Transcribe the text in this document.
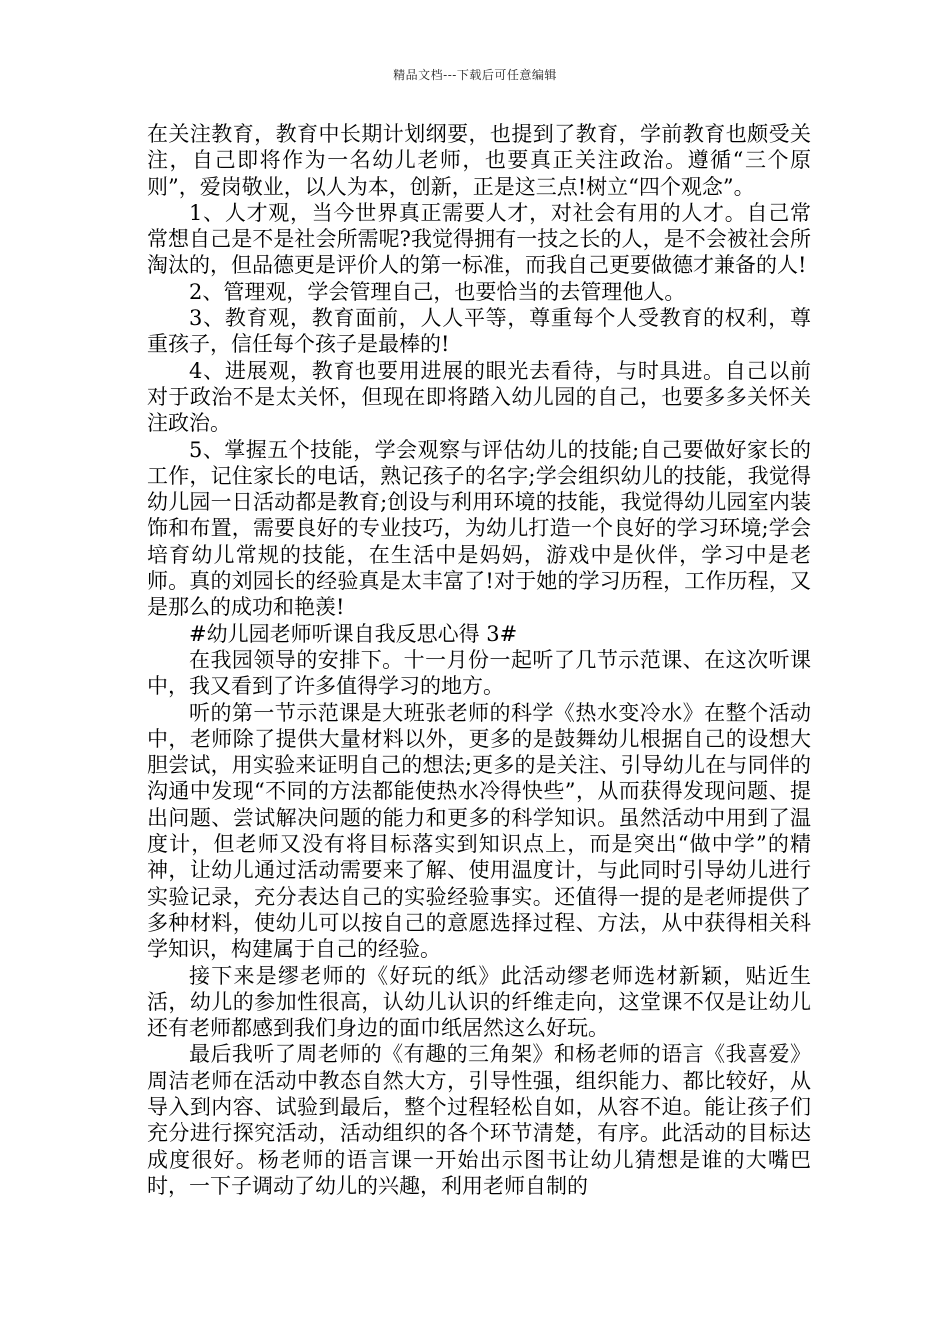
精品文档---下载后可任意编辑

在关注教育，教育中长期计划纲要，也提到了教育，学前教育也颇受关注，自己即将作为一名幼儿老师，也要真正关注政治。遵循“三个原则”，爱岗敬业，以人为本，创新，正是这三点!树立“四个观念”。

1、人才观，当今世界真正需要人才，对社会有用的人才。自己常常想自己是不是社会所需呢?我觉得拥有一技之长的人，是不会被社会所淘汰的，但品德更是评价人的第一标准，而我自己更要做德才兼备的人!

2、管理观，学会管理自己，也要恰当的去管理他人。

3、教育观，教育面前，人人平等，尊重每个人受教育的权利，尊重孩子，信任每个孩子是最棒的!

4、进展观，教育也要用进展的眼光去看待，与时具进。自己以前对于政治不是太关怀，但现在即将踏入幼儿园的自己，也要多多关怀关注政治。

5、掌握五个技能，学会观察与评估幼儿的技能;自己要做好家长的工作，记住家长的电话，熟记孩子的名字;学会组织幼儿的技能，我觉得幼儿园一日活动都是教育;创设与利用环境的技能，我觉得幼儿园室内装饰和布置，需要良好的专业技巧，为幼儿打造一个良好的学习环境;学会培育幼儿常规的技能，在生活中是妈妈，游戏中是伙伴，学习中是老师。真的刘园长的经验真是太丰富了!对于她的学习历程，工作历程，又是那么的成功和艳羡!

#幼儿园老师听课自我反思心得 3#

在我园领导的安排下。十一月份一起听了几节示范课、在这次听课中，我又看到了许多值得学习的地方。

听的第一节示范课是大班张老师的科学《热水变冷水》在整个活动中，老师除了提供大量材料以外，更多的是鼓舞幼儿根据自己的设想大胆尝试，用实验来证明自己的想法;更多的是关注、引导幼儿在与同伴的沟通中发现“不同的方法都能使热水冷得快些”，从而获得发现问题、提出问题、尝试解决问题的能力和更多的科学知识。虽然活动中用到了温度计，但老师又没有将目标落实到知识点上，而是突出“做中学”的精神，让幼儿通过活动需要来了解、使用温度计，与此同时引导幼儿进行实验记录，充分表达自己的实验经验事实。还值得一提的是老师提供了多种材料，使幼儿可以按自己的意愿选择过程、方法，从中获得相关科学知识，构建属于自己的经验。

接下来是缪老师的《好玩的纸》此活动缪老师选材新颖，贴近生活，幼儿的参加性很高，认幼儿认识的纤维走向，这堂课不仅是让幼儿还有老师都感到我们身边的面巾纸居然这么好玩。

最后我听了周老师的《有趣的三角架》和杨老师的语言《我喜爱》周洁老师在活动中教态自然大方，引导性强，组织能力、都比较好，从导入到内容、试验到最后，整个过程轻松自如，从容不迫。能让孩子们充分进行探究活动，活动组织的各个环节清楚，有序。此活动的目标达成度很好。杨老师的语言课一开始出示图书让幼儿猜想是谁的大嘴巴时，一下子调动了幼儿的兴趣，利用老师自制的
